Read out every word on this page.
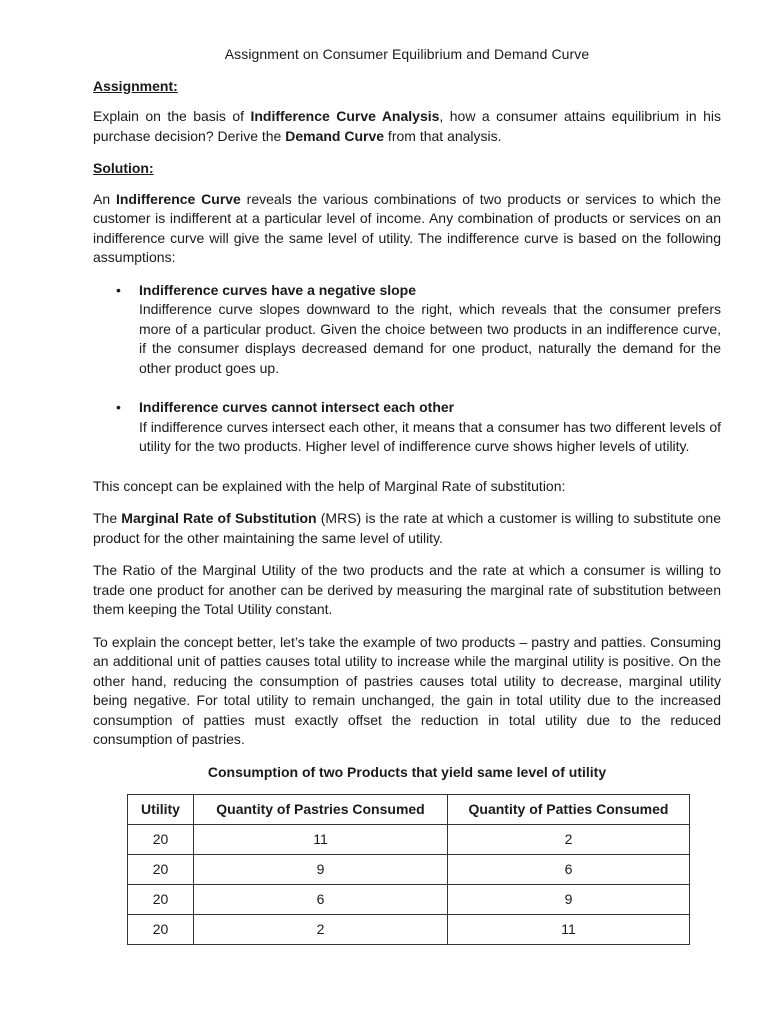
Assignment on Consumer Equilibrium and Demand Curve
Assignment:

Explain on the basis of Indifference Curve Analysis, how a consumer attains equilibrium in his purchase decision? Derive the Demand Curve from that analysis.

Solution:

An Indifference Curve reveals the various combinations of two products or services to which the customer is indifferent at a particular level of income. Any combination of products or services on an indifference curve will give the same level of utility. The indifference curve is based on the following assumptions:

• Indifference curves have a negative slope
Indifference curve slopes downward to the right, which reveals that the consumer prefers more of a particular product. Given the choice between two products in an indifference curve, if the consumer displays decreased demand for one product, naturally the demand for the other product goes up.
• Indifference curves cannot intersect each other
If indifference curves intersect each other, it means that a consumer has two different levels of utility for the two products. Higher level of indifference curve shows higher levels of utility.

This concept can be explained with the help of Marginal Rate of substitution:

The Marginal Rate of Substitution (MRS) is the rate at which a customer is willing to substitute one product for the other maintaining the same level of utility.

The Ratio of the Marginal Utility of the two products and the rate at which a consumer is willing to trade one product for another can be derived by measuring the marginal rate of substitution between them keeping the Total Utility constant.

To explain the concept better, let’s take the example of two products – pastry and patties. Consuming an additional unit of patties causes total utility to increase while the marginal utility is positive. On the other hand, reducing the consumption of pastries causes total utility to decrease, marginal utility being negative. For total utility to remain unchanged, the gain in total utility due to the increased consumption of patties must exactly offset the reduction in total utility due to the reduced consumption of pastries.

Consumption of two Products that yield same level of utility
Utility	Quantity of Pastries Consumed	Quantity of Patties Consumed
20	11	2
20	9	6
20	6	9
20	2	11
